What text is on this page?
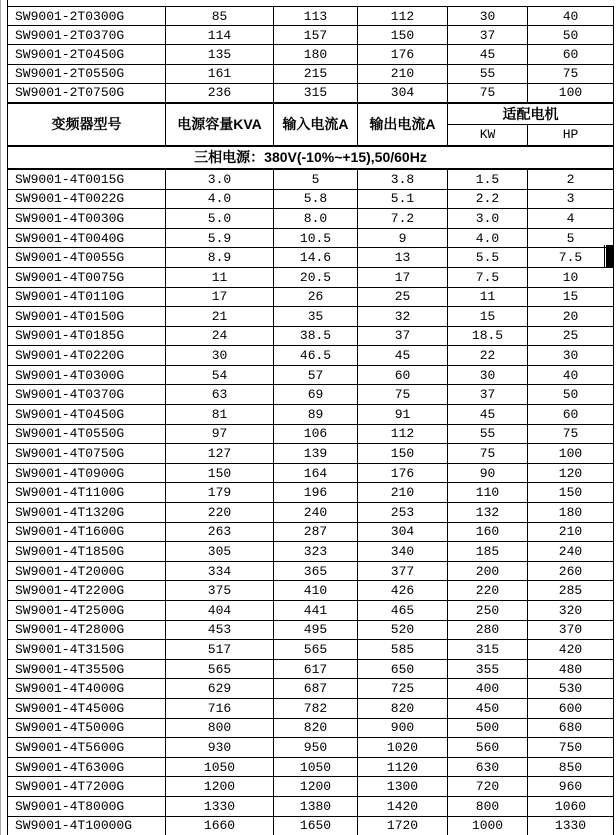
SW9001-2T0300G	85	113	112	30	40
SW9001-2T0370G	114	157	150	37	50
SW9001-2T0450G	135	180	176	45	60
SW9001-2T0550G	161	215	210	55	75
SW9001-2T0750G	236	315	304	75	100
变频器型号	电源容量KVA	输入电流A	输出电流A	适配电机	
				KW	HP
三相电源：380V(-10%~+15),50/60Hz					
SW9001-4T0015G	3.0	5	3.8	1.5	2
SW9001-4T0022G	4.0	5.8	5.1	2.2	3
SW9001-4T0030G	5.0	8.0	7.2	3.0	4
SW9001-4T0040G	5.9	10.5	9	4.0	5
SW9001-4T0055G	8.9	14.6	13	5.5	7.5
SW9001-4T0075G	11	20.5	17	7.5	10
SW9001-4T0110G	17	26	25	11	15
SW9001-4T0150G	21	35	32	15	20
SW9001-4T0185G	24	38.5	37	18.5	25
SW9001-4T0220G	30	46.5	45	22	30
SW9001-4T0300G	54	57	60	30	40
SW9001-4T0370G	63	69	75	37	50
SW9001-4T0450G	81	89	91	45	60
SW9001-4T0550G	97	106	112	55	75
SW9001-4T0750G	127	139	150	75	100
SW9001-4T0900G	150	164	176	90	120
SW9001-4T1100G	179	196	210	110	150
SW9001-4T1320G	220	240	253	132	180
SW9001-4T1600G	263	287	304	160	210
SW9001-4T1850G	305	323	340	185	240
SW9001-4T2000G	334	365	377	200	260
SW9001-4T2200G	375	410	426	220	285
SW9001-4T2500G	404	441	465	250	320
SW9001-4T2800G	453	495	520	280	370
SW9001-4T3150G	517	565	585	315	420
SW9001-4T3550G	565	617	650	355	480
SW9001-4T4000G	629	687	725	400	530
SW9001-4T4500G	716	782	820	450	600
SW9001-4T5000G	800	820	900	500	680
SW9001-4T5600G	930	950	1020	560	750
SW9001-4T6300G	1050	1050	1120	630	850
SW9001-4T7200G	1200	1200	1300	720	960
SW9001-4T8000G	1330	1380	1420	800	1060
SW9001-4T10000G	1660	1650	1720	1000	1330
